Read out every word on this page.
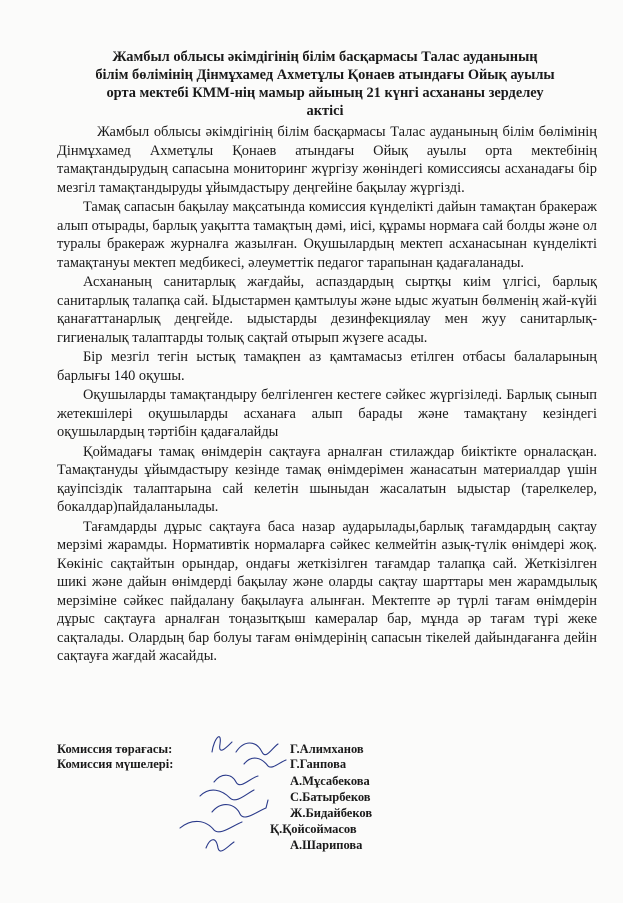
Жамбыл облысы әкімдігінің білім басқармасы Талас ауданының
білім бөлімінің Дінмұхамед Ахметұлы Қонаев атындағы Ойық ауылы
орта мектебі КММ-нің мамыр айының 21 күнгі асхананы зерделеу
актісі

Жамбыл облысы әкімдігінің білім басқармасы Талас ауданының білім бөлімінің Дінмұхамед Ахметұлы Қонаев атындағы Ойық ауылы орта мектебінің тамақтандырудың сапасына мониторинг жүргізу жөніндегі комиссиясы асханадағы бір мезгіл тамақтандыруды ұйымдастыру деңгейіне бақылау жүргізді.

Тамақ сапасын бақылау мақсатында комиссия күнделікті дайын тамақтан бракераж алып отырады, барлық уақытта тамақтың дәмі, иісі, құрамы нормаға сай болды және ол туралы бракераж журналға жазылған. Оқушылардың мектеп асханасынан күнделікті тамақтануы мектеп медбикесі, әлеуметтік педагог тарапынан қадағаланады.

Асхананың санитарлық жағдайы, аспаздардың сыртқы киім үлгісі, барлық санитарлық талапқа сай. Ыдыстармен қамтылуы және ыдыс жуатын бөлменің жай-күйі қанағаттанарлық деңгейде. ыдыстарды дезинфекциялау мен жуу санитарлық-гигиеналық талаптарды толық сақтай отырып жүзеге асады.

Бір мезгіл тегін ыстық тамақпен аз қамтамасыз етілген отбасы балаларының барлығы 140 оқушы.

Оқушыларды тамақтандыру белгіленген кестеге сәйкес жүргізіледі. Барлық сынып жетекшілері оқушыларды асханаға алып барады және тамақтану кезіндегі оқушылардың тәртібін қадағалайды

Қоймадағы тамақ өнімдерін сақтауға арналған стилаждар биіктікте орналасқан. Тамақтануды ұйымдастыру кезінде тамақ өнімдерімен жанасатын материалдар үшін қауіпсіздік талаптарына сай келетін шыныдан жасалатын ыдыстар (тарелкелер, бокалдар)пайдаланылады.

Тағамдарды дұрыс сақтауға баса назар аударылады,барлық тағамдардың сақтау мерзімі жарамды. Нормативтік нормаларға сәйкес келмейтін азық-түлік өнімдері жоқ. Көкініс сақтайтын орындар, ондағы жеткізілген тағамдар талапқа сай. Жеткізілген шикі және дайын өнімдерді бақылау және оларды сақтау шарттары мен жарамдылық мерзіміне сәйкес пайдалану бақылауға алынған. Мектепте әр түрлі тағам өнімдерін дұрыс сақтауға арналған тоңазытқыш камералар бар, мұнда әр тағам түрі жеке сақталады. Олардың бар болуы тағам өнімдерінің сапасын тікелей дайындағанға дейін сақтауға жағдай жасайды.

Комиссия төрағасы:
Комиссия мүшелері:
Г.Алимханов
Г.Ганпова
А.Мұсабекова
С.Батырбеков
Ж.Бидайбеков
Қ.Қойсоймасов
А.Шарипова
